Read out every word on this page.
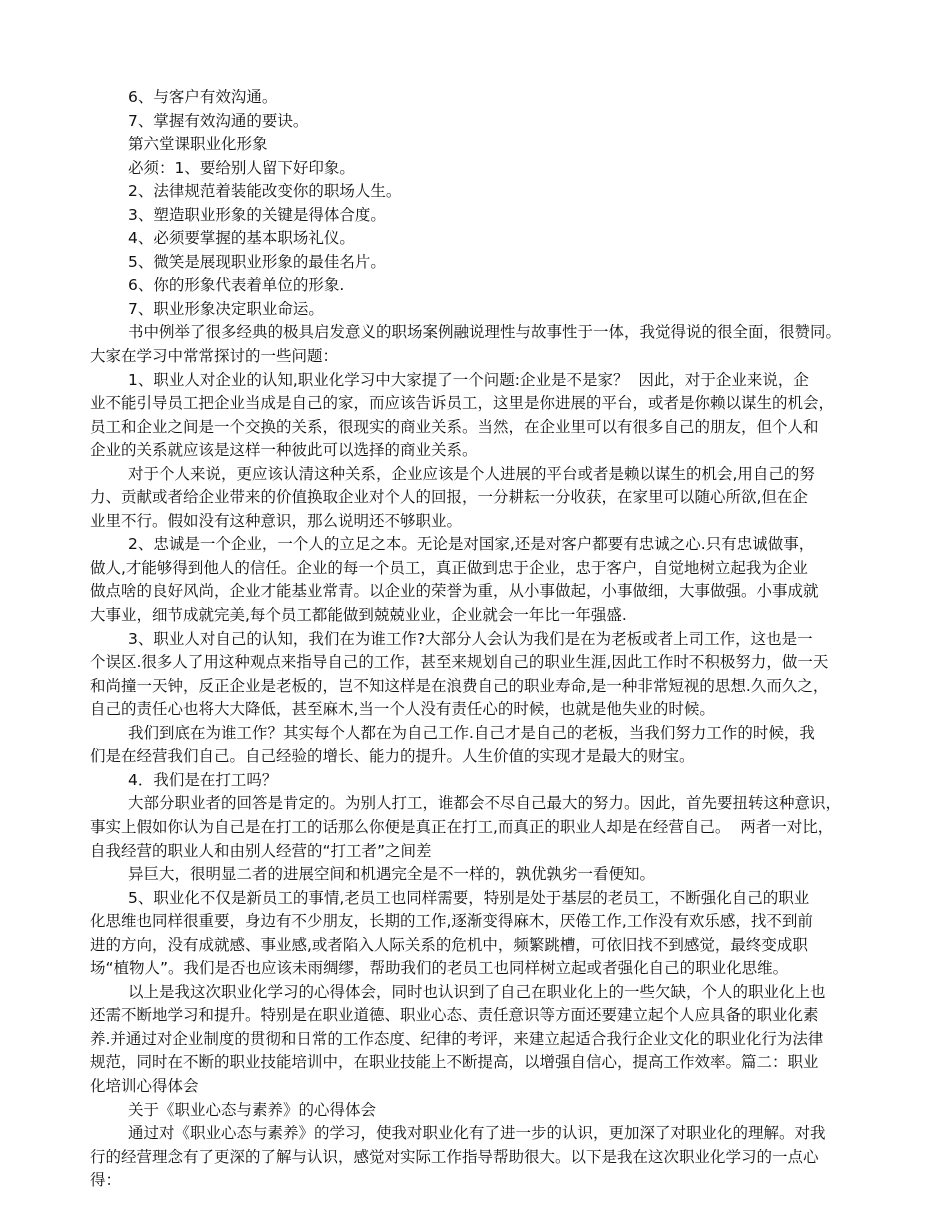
6、与客户有效沟通。
7、掌握有效沟通的要诀。
第六堂课职业化形象
必须：1、要给别人留下好印象。
2、法律规范着装能改变你的职场人生。
3、塑造职业形象的关键是得体合度。
4、必须要掌握的基本职场礼仪。
5、微笑是展现职业形象的最佳名片。
6、你的形象代表着单位的形象.
7、职业形象决定职业命运。
书中例举了很多经典的极具启发意义的职场案例融说理性与故事性于一体，我觉得说的很全面，很赞同。
大家在学习中常常探讨的一些问题：
1、职业人对企业的认知,职业化学习中大家提了一个问题:企业是不是家？  因此，对于企业来说，企
业不能引导员工把企业当成是自己的家，而应该告诉员工，这里是你进展的平台，或者是你赖以谋生的机会，
员工和企业之间是一个交换的关系，很现实的商业关系。当然，在企业里可以有很多自己的朋友，但个人和
企业的关系就应该是这样一种彼此可以选择的商业关系。
对于个人来说，更应该认清这种关系，企业应该是个人进展的平台或者是赖以谋生的机会,用自己的努
力、贡献或者给企业带来的价值换取企业对个人的回报，一分耕耘一分收获，在家里可以随心所欲,但在企
业里不行。假如没有这种意识，那么说明还不够职业。
2、忠诚是一个企业，一个人的立足之本。无论是对国家,还是对客户都要有忠诚之心.只有忠诚做事，
做人,才能够得到他人的信任。企业的每一个员工，真正做到忠于企业，忠于客户，自觉地树立起我为企业
做点啥的良好风尚，企业才能基业常青。以企业的荣誉为重，从小事做起，小事做细，大事做强。小事成就
大事业，细节成就完美,每个员工都能做到兢兢业业，企业就会一年比一年强盛.
3、职业人对自己的认知，我们在为谁工作?大部分人会认为我们是在为老板或者上司工作，这也是一
个误区.很多人了用这种观点来指导自己的工作，甚至来规划自己的职业生涯,因此工作时不积极努力，做一天
和尚撞一天钟，反正企业是老板的，岂不知这样是在浪费自己的职业寿命,是一种非常短视的思想.久而久之，
自己的责任心也将大大降低，甚至麻木,当一个人没有责任心的时候，也就是他失业的时候。
我们到底在为谁工作？其实每个人都在为自己工作.自己才是自己的老板，当我们努力工作的时候，我
们是在经营我们自己。自己经验的增长、能力的提升。人生价值的实现才是最大的财宝。
4．我们是在打工吗？
大部分职业者的回答是肯定的。为别人打工，谁都会不尽自己最大的努力。因此，首先要扭转这种意识，
事实上假如你认为自己是在打工的话那么你便是真正在打工,而真正的职业人却是在经营自己。  两者一对比，
自我经营的职业人和由别人经营的“打工者”之间差
异巨大，很明显二者的进展空间和机遇完全是不一样的，孰优孰劣一看便知。
5、职业化不仅是新员工的事情,老员工也同样需要，特别是处于基层的老员工，不断强化自己的职业
化思维也同样很重要，身边有不少朋友，长期的工作,逐渐变得麻木，厌倦工作,工作没有欢乐感，找不到前
进的方向，没有成就感、事业感,或者陷入人际关系的危机中，频繁跳槽，可依旧找不到感觉，最终变成职
场“植物人”。我们是否也应该未雨绸缪，帮助我们的老员工也同样树立起或者强化自己的职业化思维。
以上是我这次职业化学习的心得体会，同时也认识到了自己在职业化上的一些欠缺，个人的职业化上也
还需不断地学习和提升。特别是在职业道德、职业心态、责任意识等方面还要建立起个人应具备的职业化素
养.并通过对企业制度的贯彻和日常的工作态度、纪律的考评，来建立起适合我行企业文化的职业化行为法律
规范，同时在不断的职业技能培训中，在职业技能上不断提高，以增强自信心，提高工作效率。篇二：职业
化培训心得体会
关于《职业心态与素养》的心得体会
通过对《职业心态与素养》的学习，使我对职业化有了进一步的认识，更加深了对职业化的理解。对我
行的经营理念有了更深的了解与认识，感觉对实际工作指导帮助很大。以下是我在这次职业化学习的一点心
得：
